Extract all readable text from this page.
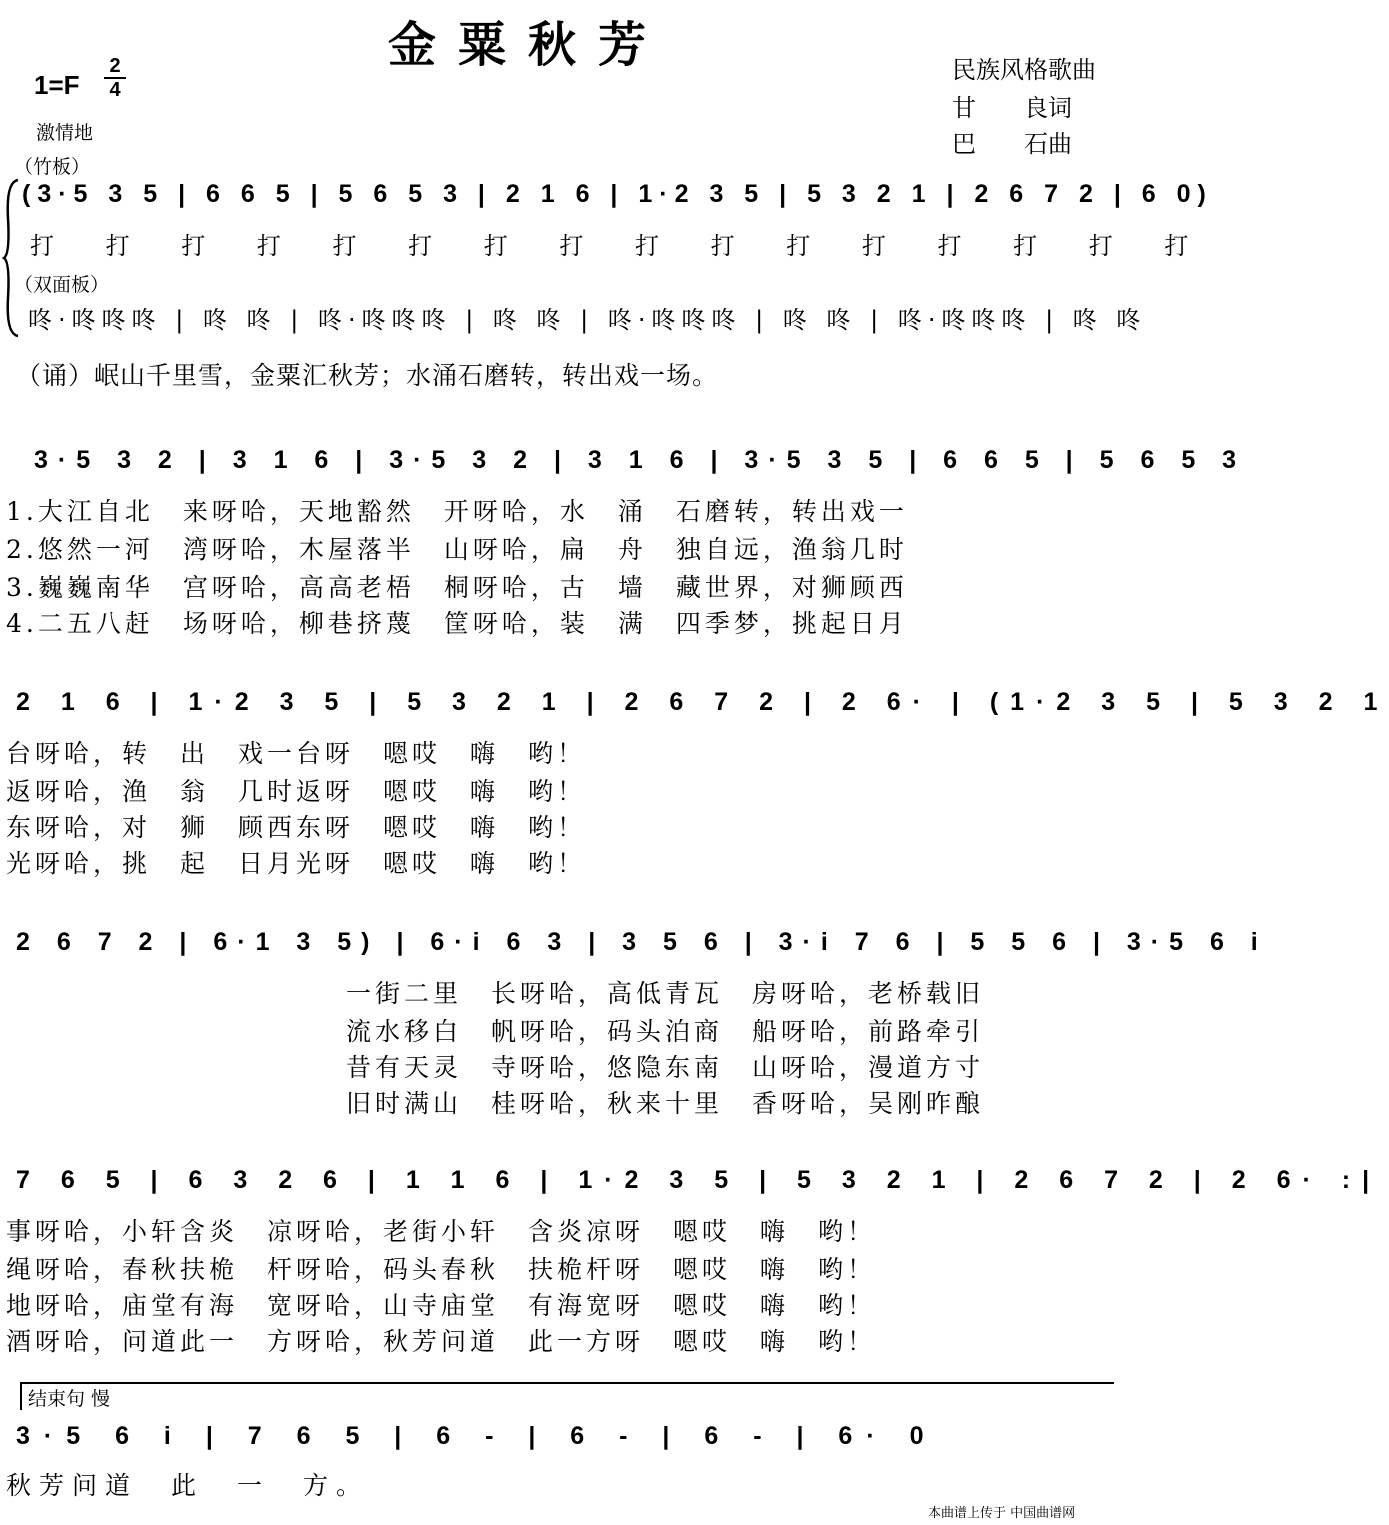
金粟秋芳
1=F
2
4
激情地
民族风格歌曲
甘　　良词
巴　　石曲
（竹板）
(3·5 3 5 | 6 6 5 | 5 6 5 3 | 2 1 6 | 1·2 3 5 | 5 3 2 1 | 2 6 7 2 | 6 0)
打 打 打 打 打 打 打 打 打 打 打 打 打 打 打 打
（双面板）
咚·咚咚咚 | 咚 咚 | 咚·咚咚咚 | 咚 咚 | 咚·咚咚咚 | 咚 咚 | 咚·咚咚咚 | 咚 咚
（诵）岷山千里雪，金粟汇秋芳；水涌石磨转，转出戏一场。
3·5 3 2 | 3 1 6 | 3·5 3 2 | 3 1 6 | 3·5 3 5 | 6 6 5 | 5 6 5 3
1.大江自北　来呀哈，天地豁然　开呀哈，水　涌　石磨转，转出戏一
2.悠然一河　湾呀哈，木屋落半　山呀哈，扁　舟　独自远，渔翁几时
3.巍巍南华　宫呀哈，高高老梧　桐呀哈，古　墙　藏世界，对狮顾西
4.二五八赶　场呀哈，柳巷挤蔑　筐呀哈，装　满　四季梦，挑起日月
2 1 6 | 1·2 3 5 | 5 3 2 1 | 2 6 7 2 | 2 6· | (1·2 3 5 | 5 3 2 1
台呀哈，转　出　戏一台呀　嗯哎　嗨　哟！
返呀哈，渔　翁　几时返呀　嗯哎　嗨　哟！
东呀哈，对　狮　顾西东呀　嗯哎　嗨　哟！
光呀哈，挑　起　日月光呀　嗯哎　嗨　哟！
2 6 7 2 | 6·1 3 5) | 6·i 6 3 | 3 5 6 | 3·i 7 6 | 5 5 6 | 3·5 6 i
一街二里　长呀哈，高低青瓦　房呀哈，老桥载旧
流水移白　帆呀哈，码头泊商　船呀哈，前路牵引
昔有天灵　寺呀哈，悠隐东南　山呀哈，漫道方寸
旧时满山　桂呀哈，秋来十里　香呀哈，吴刚昨酿
7 6 5 | 6 3 2 6 | 1 1 6 | 1·2 3 5 | 5 3 2 1 | 2 6 7 2 | 2 6· :|
事呀哈，小轩含炎　凉呀哈，老街小轩　含炎凉呀　嗯哎　嗨　哟！
绳呀哈，春秋扶桅　杆呀哈，码头春秋　扶桅杆呀　嗯哎　嗨　哟！
地呀哈，庙堂有海　宽呀哈，山寺庙堂　有海宽呀　嗯哎　嗨　哟！
酒呀哈，问道此一　方呀哈，秋芳问道　此一方呀　嗯哎　嗨　哟！
结束句 慢
3·5 6 i | 7 6 5 | 6 - | 6 - | 6 - | 6· 0
秋芳问道　此　一　方。
本曲谱上传于 中国曲谱网
